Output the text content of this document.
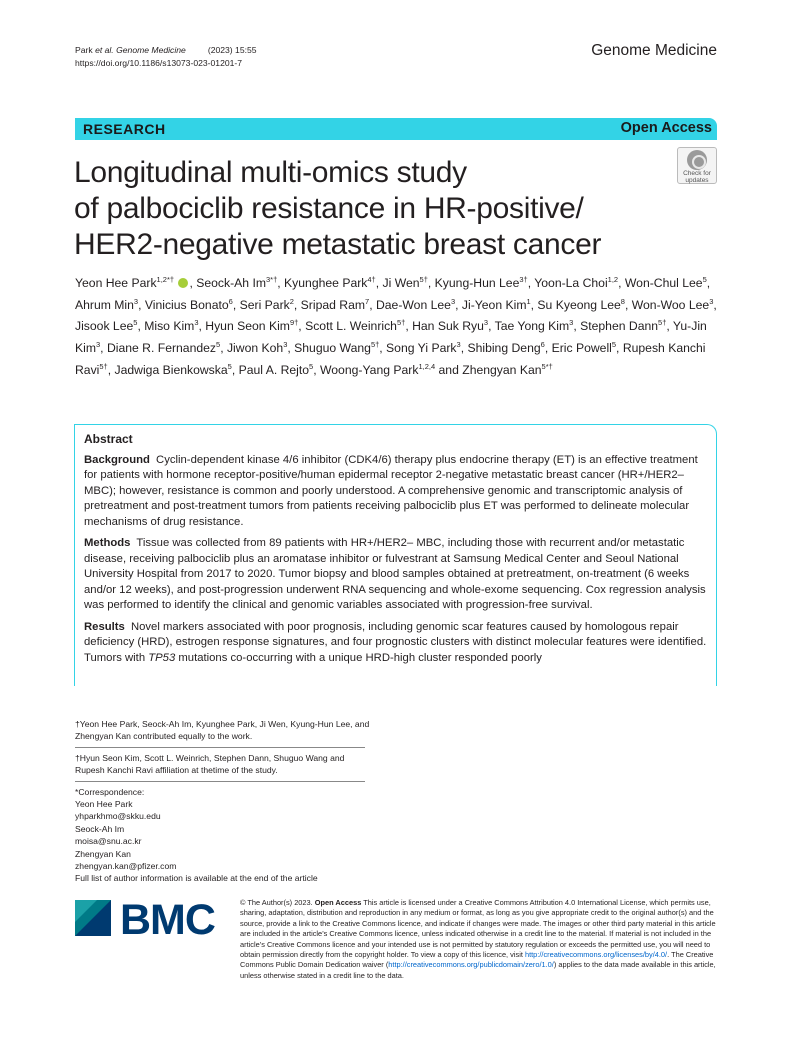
Park et al. Genome Medicine	(2023) 15:55
https://doi.org/10.1186/s13073-023-01201-7
Genome Medicine
RESEARCH	Open Access
Check for
updates
Longitudinal multi-omics study
of palbociclib resistance in HR-positive/
HER2-negative metastatic breast cancer
Yeon Hee Park$^{1,2*\dagger}$ , Seock-Ah $Im^{3*\dagger}$, Kyunghee Park$^{4\dagger}$, Ji Wen$^{5\dagger}$, Kyung-Hun Lee$^{3\dagger}$, Yoon-La Choi$^{1,2}$, Won-Chul Lee$^5$, Ahrum Min$^3$, Vinicius Bonato$^6$, Seri Park$^2$, Sripad Ram$^7$, Dae-Won Lee$^3$, Ji-Yeon Kim$^1$, Su Kyeong Lee$^8$, Won-Woo Lee$^3$, Jisook Lee$^5$, Miso Kim$^3$, Hyun Seon Kim$^{9\dagger}$, Scott L. Weinrich$^{5\dagger}$, Han Suk Ryu$^3$, Tae Yong Kim$^3$, Stephen Dann$^{5\dagger}$, Yu-Jin Kim$^3$, Diane R. Fernandez$^5$, Jiwon Koh$^3$, Shuguo Wang$^{5\dagger}$, Song Yi Park$^3$, Shibing Deng$^6$, Eric Powell$^5$, Rupesh Kanchi Ravi$^{5\dagger}$, Jadwiga Bienkowska$^5$, Paul A. Rejto$^5$, Woong-Yang Park$^{1,2,4}$ and Zhengyan Kan$^{5*\dagger}$
Abstract

Background Cyclin-dependent kinase 4/6 inhibitor (CDK4/6) therapy plus endocrine therapy (ET) is an effective treatment for patients with hormone receptor-positive/human epidermal receptor 2-negative metastatic breast cancer (HR+/HER2– MBC); however, resistance is common and poorly understood. A comprehensive genomic and transcriptomic analysis of pretreatment and post-treatment tumors from patients receiving palbociclib plus ET was performed to delineate molecular mechanisms of drug resistance.

Methods Tissue was collected from 89 patients with HR+/HER2– MBC, including those with recurrent and/or metastatic disease, receiving palbociclib plus an aromatase inhibitor or fulvestrant at Samsung Medical Center and Seoul National University Hospital from 2017 to 2020. Tumor biopsy and blood samples obtained at pretreatment, on-treatment (6 weeks and/or 12 weeks), and post-progression underwent RNA sequencing and whole-exome sequencing. Cox regression analysis was performed to identify the clinical and genomic variables associated with progression-free survival.

Results Novel markers associated with poor prognosis, including genomic scar features caused by homologous repair deficiency (HRD), estrogen response signatures, and four prognostic clusters with distinct molecular features were identified. Tumors with TP53 mutations co-occurring with a unique HRD-high cluster responded poorly

†Yeon Hee Park, Seock-Ah Im, Kyunghee Park, Ji Wen, Kyung-Hun Lee, and
Zhengyan Kan contributed equally to the work.
†Hyun Seon Kim, Scott L. Weinrich, Stephen Dann, Shuguo Wang and
Rupesh Kanchi Ravi affiliation at thetime of the study.
*Correspondence:
Yeon Hee Park
yhparkhmo@skku.edu
Seock-Ah Im
moisa@snu.ac.kr
Zhengyan Kan
zhengyan.kan@pfizer.com
Full list of author information is available at the end of the article
BMC	© The Author(s) 2023. Open Access This article is licensed under a Creative Commons Attribution 4.0 International License, which permits use, sharing, adaptation, distribution and reproduction in any medium or format, as long as you give appropriate credit to the original author(s) and the source, provide a link to the Creative Commons licence, and indicate if changes were made. The images or other third party material in this article are included in the article’s Creative Commons licence, unless indicated otherwise in a credit line to the material. If material is not included in the article’s Creative Commons licence and your intended use is not permitted by statutory regulation or exceeds the permitted use, you will need to obtain permission directly from the copyright holder. To view a copy of this licence, visit http://creativecommons.org/licenses/by/4.0/. The Creative Commons Public Domain Dedication waiver (http://creativecommons.org/publicdomain/zero/1.0/) applies to the data made available in this article, unless otherwise stated in a credit line to the data.
